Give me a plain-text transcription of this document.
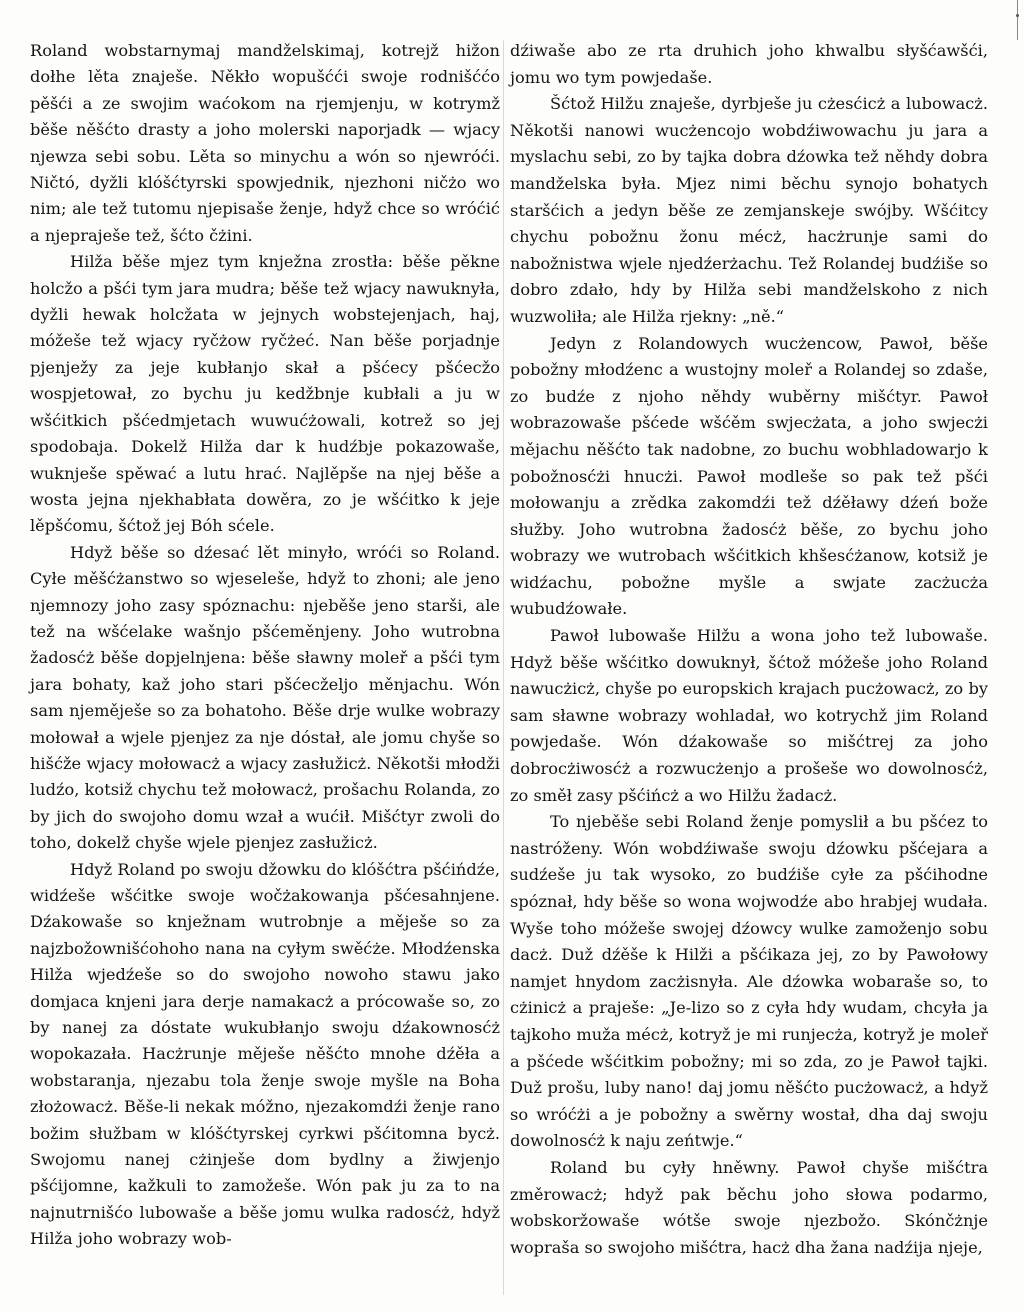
Roland wobstarnymaj mandželskimaj, kotrejž hižon dołhe lěta znaješe. Někło wopušćći swoje rodnišććo pěšći a ze swojim waćokom na rjemjenju, w kotrymž běše něšćto drasty a joho molerski naporjadk — wjacy njewza sebi sobu. Lěta so minychu a wón so njewróći. Ničtó, dyžli klóšćtyrski spowjednik, njezhoni ničżo wo nim; ale tež tutomu njepisaše ženje, hdyž chce so wróćić a njepraješe tež, šćto čżini.

Hilža běše mjez tym knježna zrostła: běše pěkne holcžo a pšći tym jara mudra; běše tež wjacy nawuknyła, dyžli hewak holcžata w jejnych wobstejenjach, haj, móžeše tež wjacy ryčżow ryčżeć. Nan běše porjadnje pjenježy za jeje kubłanjo skał a pšćecy pšćecžo wospjetował, zo bychu ju kedžbnje kubłali a ju w wšćitkich pšćedmjetach wuwućżowali, kotrež so jej spodobaja. Dokelž Hilža dar k hudźbje pokazowaše, wuknješe spěwać a lutu hrać. Najlěpše na njej běše a wosta jejna njekhabłata dowěra, zo je wšćitko k jeje lěpšćomu, šćtož jej Bóh sćele.

Hdyž běše so dźesać lět minyło, wróći so Roland. Cyłe měšćżanstwo so wjeseleše, hdyž to zhoni; ale jeno njemnozy joho zasy spóznachu: njeběše jeno starši, ale tež na wšćelake wašnjo pšćeměnjeny. Joho wutrobna žadosćż běše dopjelnjena: běše sławny moleř a pšći tym jara bohaty, kaž joho stari pšćecželjo měnjachu. Wón sam njeměješe so za bohatoho. Běše drje wulke wobrazy mołował a wjele pjenjez za nje dóstał, ale jomu chyše so hišćže wjacy mołowacż a wjacy zasłužicż. Někotši młodži ludźo, kotsiž chychu tež mołowacż, prošachu Rolanda, zo by jich do swojoho domu wzał a wućił. Mišćtyr zwoli do toho, dokelž chyše wjele pjenjez zasłužicż.

Hdyž Roland po swoju džowku do klóšćtra pšćińdźe, widźeše wšćitke swoje wočżakowanja pšćesahnjene. Dźakowaše so knježnam wutrobnje a měješe so za najzbožownišćohoho nana na cyłym swěćże. Młodźenska Hilža wjedźeše so do swojoho nowoho stawu jako domjaca knjeni jara derje namakacż a prócowaše so, zo by nanej za dóstate wukubłanjo swoju dźakownosćż wopokazała. Hacżrunje měješe něšćto mnohe dźěła a wobstaranja, njezabu tola ženje swoje myšle na Boha złożowacż. Běše-li nekak móžno, njezakomdźi ženje rano božim słužbam w klóšćtyrskej cyrkwi pšćitomna bycż. Swojomu nanej cżinješe dom bydlny a žiwjenjo pšćijomne, kažkuli to zamožeše. Wón pak ju za to na najnutrnišćo lubowaše a běše jomu wulka radosćż, hdyž Hilža joho wobrazy wob-

dźiwaše abo ze rta druhich joho khwalbu słyšćawšći, jomu wo tym powjedaše.

Šćtož Hilžu znaješe, dyrbješe ju cżesćicż a lubowacż. Někotši nanowi wucżencojo wobdźiwowachu ju jara a myslachu sebi, zo by tajka dobra dźowka tež něhdy dobra mandželska była. Mjez nimi běchu synojo bohatych staršćich a jedyn běše ze zemjanskeje swójby. Wšćitcy chychu pobožnu žonu mécż, hacżrunje sami do nabožnistwa wjele njedźerżachu. Tež Rolandej budźiše so dobro zdało, hdy by Hilža sebi mandželskoho z nich wuzwoliła; ale Hilža rjekny: „ně.“

Jedyn z Rolandowych wucżencow, Pawoł, běše pobožny młodźenc a wustojny moleř a Rolandej so zdaše, zo budźe z njoho něhdy wuběrny mišćtyr. Pawoł wobrazowaše pšćede wšćěm swjecżata, a joho swjecżi mějachu něšćto tak nadobne, zo buchu wobhladowarjo k pobožnosćżi hnucżi. Pawoł modleše so pak tež pšći mołowanju a zrědka zakomdźi tež dźěławy dźeń bože słužby. Joho wutrobna žadosćż běše, zo bychu joho wobrazy we wutrobach wšćitkich khšesćżanow, kotsiž je widźachu, pobožne myšle a swjate zacżucża wubudźowałe.

Pawoł lubowaše Hilžu a wona joho tež lubowaše. Hdyž běše wšćitko dowuknył, šćtož móžeše joho Roland nawucżicż, chyše po europskich krajach pucżowacż, zo by sam sławne wobrazy wohladał, wo kotrychž jim Roland powjedaše. Wón dźakowaše so mišćtrej za joho dobrocżiwosćż a rozwucżenjo a prošeše wo dowolnosćż, zo směł zasy pšćińcż a wo Hilžu žadacż.

To njeběše sebi Roland ženje pomyslił a bu pšćez to nastróženy. Wón wobdźiwaše swoju dźowku pšćejara a sudźeše ju tak wysoko, zo budźiše cyłe za pšćihodne spóznał, hdy běše so wona wojwodźe abo hrabjej wudała. Wyše toho móžeše swojej dźowcy wulke zamoženjo sobu dacż. Duž dźěše k Hilži a pšćikaza jej, zo by Pawołowy namjet hnydom zacżisnyła. Ale dźowka wobaraše so, to cżinicż a praješe: „Je-lizo so z cyła hdy wudam, chcyła ja tajkoho muža mécż, kotryž je mi runjecża, kotryž je moleř a pšćede wšćitkim pobožny; mi so zda, zo je Pawoł tajki. Duž prošu, luby nano! daj jomu něšćto pucżowacż, a hdyž so wróćżi a je pobožny a swěrny wostał, dha daj swoju dowolnosćż k naju zeńtwje.“

Roland bu cyły hněwny. Pawoł chyše mišćtra změrowacż; hdyž pak běchu joho słowa podarmo, wobskoržowaše wótše swoje njezbožo. Skónčżnje wopraša so swojoho mišćtra, hacż dha žana nadźija njeje,
